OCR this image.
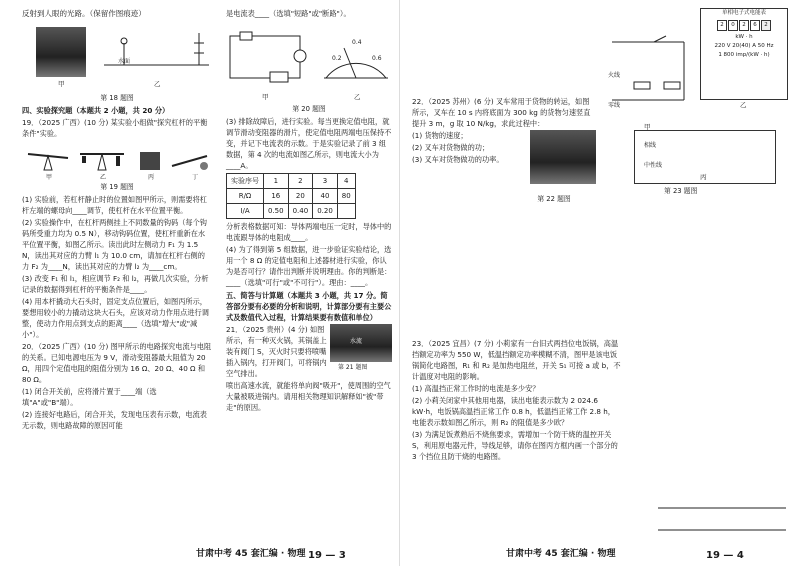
反射到人眼的光路。（保留作图痕迹）

水面
甲	乙

第 18 题图

四、实验探究题（本题共 2 小题，共 20 分）

19．（2025 广西）(10 分) 某实验小组做"探究杠杆的平衡条件"实验。

甲	乙	丙	丁

第 19 题图

(1) 实验前，若杠杆静止时的位置如图甲所示，则需要将杠杆左端的螺母向____调节，使杠杆在水平位置平衡。

(2) 实验操作中，在杠杆两侧挂上不同数量的钩码（每个钩码所受重力均为 0.5 N），移动钩码位置，使杠杆重新在水平位置平衡，如图乙所示。读出此时左侧动力 F₁ 为 1.5 N，读出其对应的力臂 l₁ 为 10.0 cm，请加在杠杆右侧的力 F₂ 为____N，读出其对应的力臂 l₂ 为____cm。

(3) 改变 F₁ 和 l₁，相应调节 F₂ 和 l₂，再做几次实验，分析记录的数据得到杠杆的平衡条件是____。

(4) 用本杆撬动大石头时，固定支点位置后，如图丙所示，要想用较小的力撬动这块大石头，应该对动力作用点进行调整，使动力作用点到支点的距离____（选填"增大"或"减小"）。

20．（2025 广西）(10 分) 图甲所示的电路探究电流与电阻的关系。已知电源电压为 9 V，滑动变阻器最大阻值为 20 Ω，用四个定值电阻的阻值分别为 16 Ω、20 Ω、40 Ω 和 80 Ω。

(1) 闭合开关前，应将滑片置于____端（选填"A"或"B"端）。

(2) 连接好电路后，闭合开关，发现电压表有示数，电流表无示数，则电路故障的原因可能

是电流表____（选填"短路"或"断路"）。

0.2
0.4
0.6
甲	乙

第 20 题图

(3) 排除故障后，进行实验。每当更换定值电阻，就调节滑动变阻器的滑片，使定值电阻两端电压保持不变，并记下电流表的示数。于是实验记录了前 3 组数据，第 4 次的电流如图乙所示，则电流大小为____A。

实验序号	1	2	3	4
R/Ω	16	20	40	80
I/A	0.50	0.40	0.20	

分析表格数据可知：导体两端电压一定时，导体中的电流跟导体的电阻成____。

(4) 为了得到第 5 组数据，进一步验证实验结论，选用一个 8 Ω 的定值电阻和上述器材进行实验，你认为是否可行？请作出判断并说明理由。你的判断是：____（选填"可行"或"不可行"）。理由：____。

五、简答与计算题（本题共 3 小题，共 17 分。简答部分要有必要的分析和说明，计算部分要有主要公式及数值代入过程，计算结果要有数值和单位）

水流
第 21 题图

21．（2025 贵州）(4 分) 如图所示，有一种灭火锅，其锅盖上装有阀门 S，灭火时只要将喷嘴插入锅内，打开阀门，可将锅内空气排出。

喷出高速水流，就能将单向阀"吸开"，使周围的空气大量被吸进锅内。请用相关物理知识解释如"被"带走"的原因。

甘肃中考 45 套汇编 · 物理 19 — 3

22．（2025 苏州）(6 分) 叉车常用于货物的转运，如图所示，叉车在 10 s 内将底面为 300 kg 的货物匀速竖直提升 3 m，g 取 10 N/kg，求此过程中：

(1) 货物的速度；

(2) 叉车对货物做的功；

(3) 叉车对货物做功的功率。

第 22 题图

火线
零线
单相电子式电能表
2	0	2	6	2
kW · h
220 V 20(40) A 50 Hz
1 800 imp/(kW · h)
甲
乙
相线
中性线
丙

第 23 题图

23．（2025 宜昌）(7 分) 小莉家有一台旧式两挡位电饭锅，高温挡额定功率为 550 W，低温挡额定功率模糊不清，图甲是该电饭锅简化电路图，R₁ 和 R₂ 是加热电阻丝，开关 S₁ 可接 a 或 b，不计温度对电阻的影响。

(1) 高温挡正常工作时的电流是多少安？

(2) 小莉关闭家中其他用电器，读出电能表示数为 2 024.6 kW·h，电饭锅高温挡正常工作 0.8 h，低温挡正常工作 2.8 h，电能表示数如图乙所示，则 R₂ 的阻值是多少欧？

(3) 为满足饭煮熟后不烧焦要求，需增加一个防干烧的温控开关 S，利用原电器元件，导线足够，请你在图丙方框内画一个部分的 3 个挡位且防干烧的电路图。

甘肃中考 45 套汇编 · 物理	19 — 4
